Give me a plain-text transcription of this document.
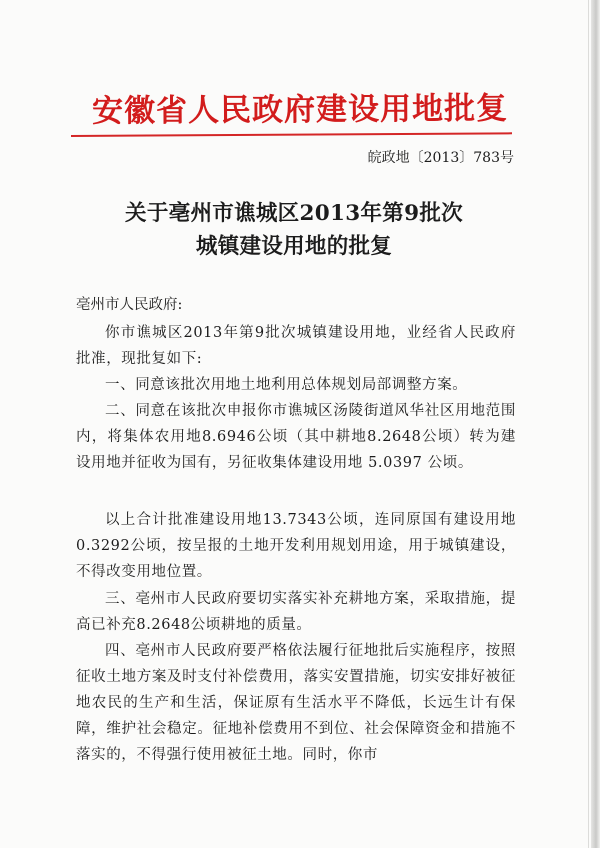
安徽省人民政府建设用地批复
皖政地〔2013〕783号
关于亳州市谯城区2013年第9批次
城镇建设用地的批复
亳州市人民政府:
你市谯城区2013年第9批次城镇建设用地，业经省人民政府批准，现批复如下:
一、同意该批次用地土地利用总体规划局部调整方案。
二、同意在该批次申报你市谯城区汤陵街道风华社区用地范围内，将集体农用地8.6946公顷（其中耕地8.2648公顷）转为建设用地并征收为国有，另征收集体建设用地 5.0397 公顷。
以上合计批准建设用地13.7343公顷，连同原国有建设用地 0.3292公顷，按呈报的土地开发利用规划用途，用于城镇建设，不得改变用地位置。
三、亳州市人民政府要切实落实补充耕地方案，采取措施，提高已补充8.2648公顷耕地的质量。
四、亳州市人民政府要严格依法履行征地批后实施程序，按照征收土地方案及时支付补偿费用，落实安置措施，切实安排好被征地农民的生产和生活，保证原有生活水平不降低，长远生计有保障，维护社会稳定。征地补偿费用不到位、社会保障资金和措施不落实的，不得强行使用被征土地。同时，你市
